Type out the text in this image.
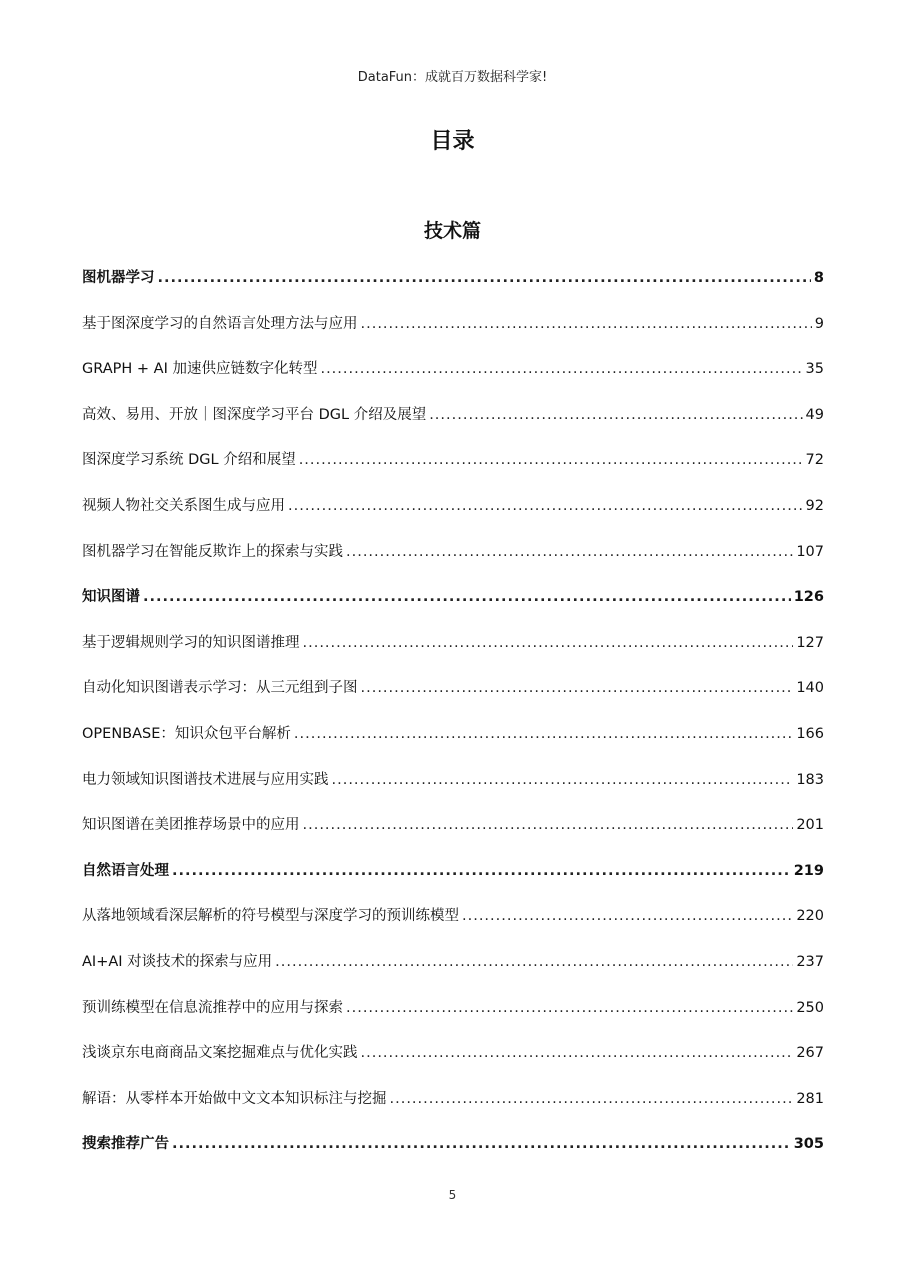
DataFun：成就百万数据科学家!
目录
技术篇
图机器学习 .....	8
基于图深度学习的自然语言处理方法与应用 .....	9
GRAPH + AI 加速供应链数字化转型 .....	35
高效、易用、开放｜图深度学习平台 DGL 介绍及展望 .....	49
图深度学习系统 DGL 介绍和展望 .....	72
视频人物社交关系图生成与应用 .....	92
图机器学习在智能反欺诈上的探索与实践 .....	107
知识图谱 .....	126
基于逻辑规则学习的知识图谱推理 .....	127
自动化知识图谱表示学习：从三元组到子图 .....	140
OPENBASE：知识众包平台解析 .....	166
电力领域知识图谱技术进展与应用实践 .....	183
知识图谱在美团推荐场景中的应用 .....	201
自然语言处理 .....	219
从落地领域看深层解析的符号模型与深度学习的预训练模型 .....	220
AI+AI 对谈技术的探索与应用 .....	237
预训练模型在信息流推荐中的应用与探索 .....	250
浅谈京东电商商品文案挖掘难点与优化实践 .....	267
解语：从零样本开始做中文文本知识标注与挖掘 .....	281
搜索推荐广告 .....	305
5
